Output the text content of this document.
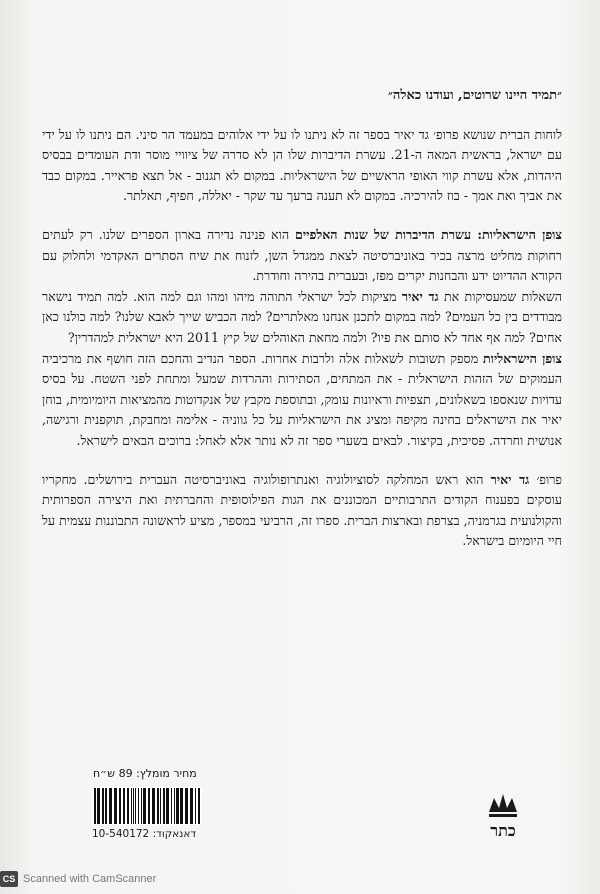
״תמיד היינו שרוטים, ועודנו כאלה״

לוחות הברית שנושא פרופ׳ גד יאיר בספר זה לא ניתנו לו על ידי אלוהים במעמד הר סיני. הם ניתנו לו על ידי עם ישראל, בראשית המאה ה-21. עשרת הדיברות שלו הן לא סדרה של ציוויי מוסר ודת העומדים בבסיס היהדות, אלא עשרת קווי האופי הראשיים של הישראליות. במקום לא תגנוב - אל תצא פראייר. במקום כבד את אביך ואת אמך - בוז להירכיה. במקום לא תענה ברעך עד שקר - יאללה, חפיף, תאלתר.

צופן הישראליות: עשרת הדיברות של שנות האלפיים הוא פנינה נדירה בארון הספרים שלנו. רק לעתים רחוקות מחליט מרצה בכיר באוניברסיטה לצאת ממגדל השן, לזנוח את שיח הסתרים האקדמי ולחלוק עם הקורא ההדיוט ידע והבחנות יקרים מפז, ובעברית בהירה וחודרת.

השאלות שמעסיקות את גד יאיר מציקות לכל ישראלי התוהה מיהו ומהו וגם למה הוא. למה תמיד נישאר מבודדים בין כל העמים? למה במקום לתכנן אנחנו מאלתרים? למה הכביש שייך לאבא שלנו? למה כולנו כאן אחים? למה אף אחד לא סותם את פיו? ולמה מחאת האוהלים של קיץ 2011 היא ישראלית למהדרין?

צופן הישראליות מספק תשובות לשאלות אלה ולרבות אחרות. הספר הנדיב והחכם הזה חושף את מרכיביה העמוקים של הזהות הישראלית - את המתחים, הסתירות וההרדות שמעל ומתחת לפני השטח. על בסיס עדויות שנאספו בשאלונים, תצפיות וראיונות עומק, ובתוספת מקבץ של אנקדוטות מהמציאות היומיומית, בוחן יאיר את הישראלים בחינה מקיפה ומציג את הישראליות על כל גווניה - אלימה ומחבקת, תוקפנית ורגישה, אנושית וחרדה. פסיכית, בקיצור. לבאים בשערי ספר זה לא נותר אלא לאחל: ברוכים הבאים לישראל.

פרופ׳ גד יאיר הוא ראש המחלקה לסוציולוגיה ואנתרופולוגיה באוניברסיטה העברית בירושלים. מחקריו עוסקים בפענוח הקודים התרבותיים המכוננים את הגות הפילוסופית והחברתית ואת היצירה הספרותית והקולנועית בגרמניה, בצרפת ובארצות הברית. ספרו זה, הרביעי במספר, מציע לראשונה התבוננות עצמית על חיי היומיום בישראל.

מחיר מומלץ: 89 ש״ח
דאנאקוד: 10-540172	כתר
CS Scanned with CamScanner
